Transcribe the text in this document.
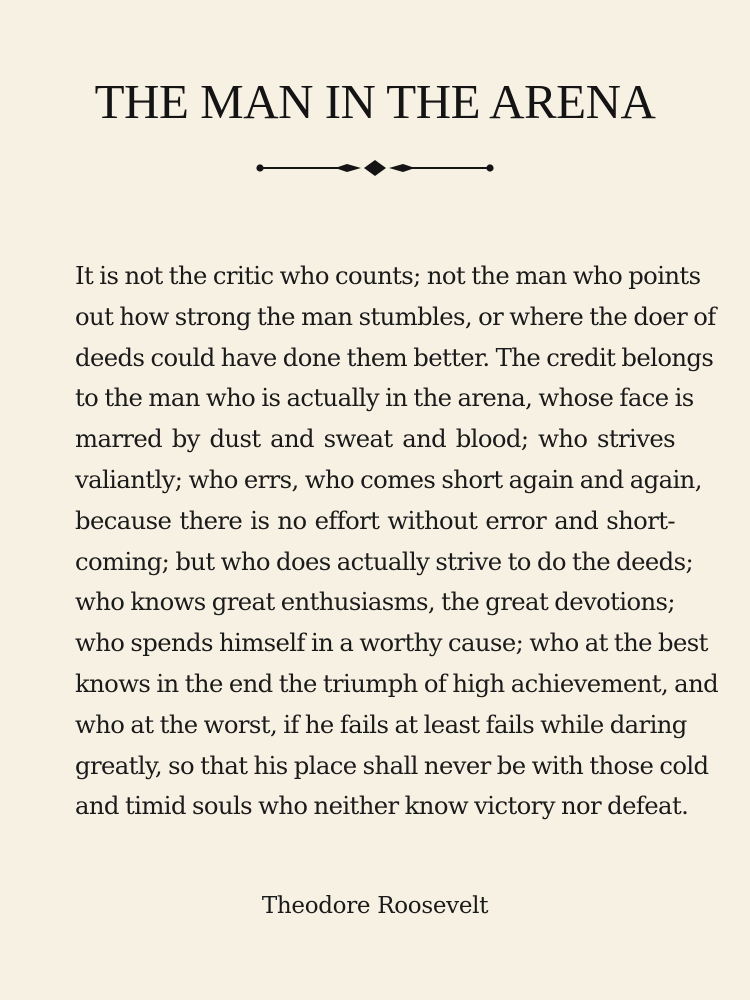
THE MAN IN THE ARENA
It is not the critic who counts; not the man who points
out how strong the man stumbles, or where the doer of
deeds could have done them better. The credit belongs
to the man who is actually in the arena, whose face is
marred by dust and sweat and blood; who strives
valiantly; who errs, who comes short again and again,
because there is no effort without error and short-
coming; but who does actually strive to do the deeds;
who knows great enthusiasms, the great devotions;
who spends himself in a worthy cause; who at the best
knows in the end the triumph of high achievement, and
who at the worst, if he fails at least fails while daring
greatly, so that his place shall never be with those cold
and timid souls who neither know victory nor defeat.
Theodore Roosevelt
